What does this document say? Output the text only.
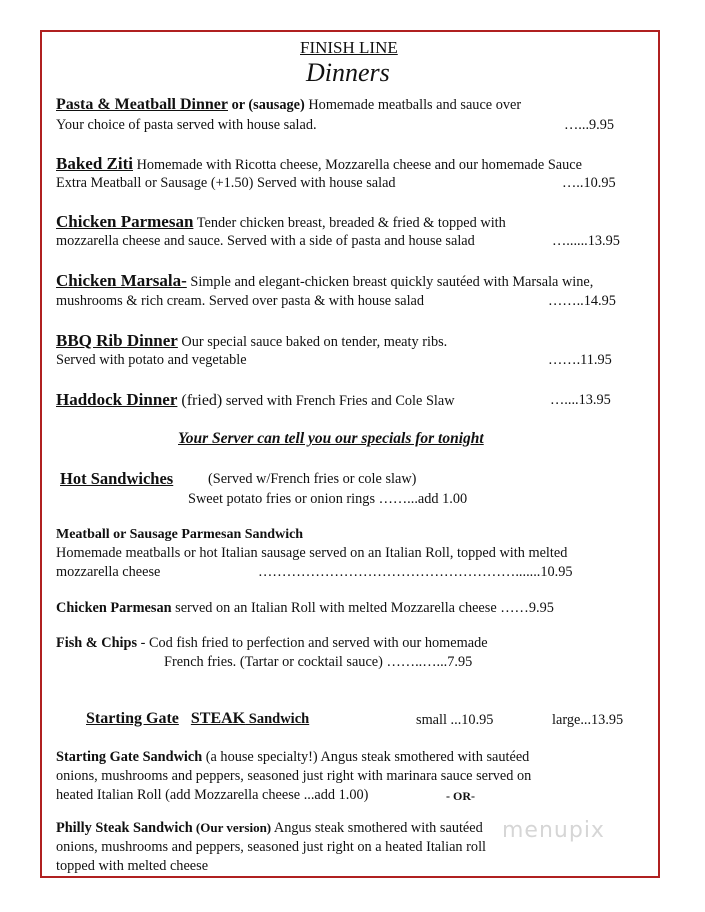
FINISH LINE
Dinners
Pasta & Meatball Dinner or (sausage) Homemade meatballs and sauce over
Your choice of pasta served with house salad.	…...9.95
Baked Ziti Homemade with Ricotta cheese, Mozzarella cheese and our homemade Sauce
Extra Meatball or Sausage (+1.50) Served with house salad	…..10.95
Chicken Parmesan Tender chicken breast, breaded & fried & topped with
mozzarella cheese and sauce. Served with a side of pasta and house salad	…......13.95
Chicken Marsala- Simple and elegant-chicken breast quickly sautéed with Marsala wine,
mushrooms & rich cream. Served over pasta & with house salad	……..14.95
BBQ Rib Dinner Our special sauce baked on tender, meaty ribs.
Served with potato and vegetable	…….11.95
Haddock Dinner (fried) served with French Fries and Cole Slaw	…....13.95
Your Server can tell you our specials for tonight
Hot Sandwiches (Served w/French fries or cole slaw)
Sweet potato fries or onion rings ……...add 1.00
Meatball or Sausage Parmesan Sandwich
Homemade meatballs or hot Italian sausage served on an Italian Roll, topped with melted
mozzarella cheese	……………………………………………….......10.95
Chicken Parmesan served on an Italian Roll with melted Mozzarella cheese ……9.95
Fish & Chips - Cod fish fried to perfection and served with our homemade
French fries. (Tartar or cocktail sauce) ……..…...7.95
Starting Gate STEAK Sandwich	small ...10.95	large...13.95
Starting Gate Sandwich (a house specialty!) Angus steak smothered with sautéed
onions, mushrooms and peppers, seasoned just right with marinara sauce served on
heated Italian Roll (add Mozzarella cheese ...add 1.00)	- OR-
Philly Steak Sandwich (Our version) Angus steak smothered with sautéed
onions, mushrooms and peppers, seasoned just right on a heated Italian roll
topped with melted cheese
menupix
